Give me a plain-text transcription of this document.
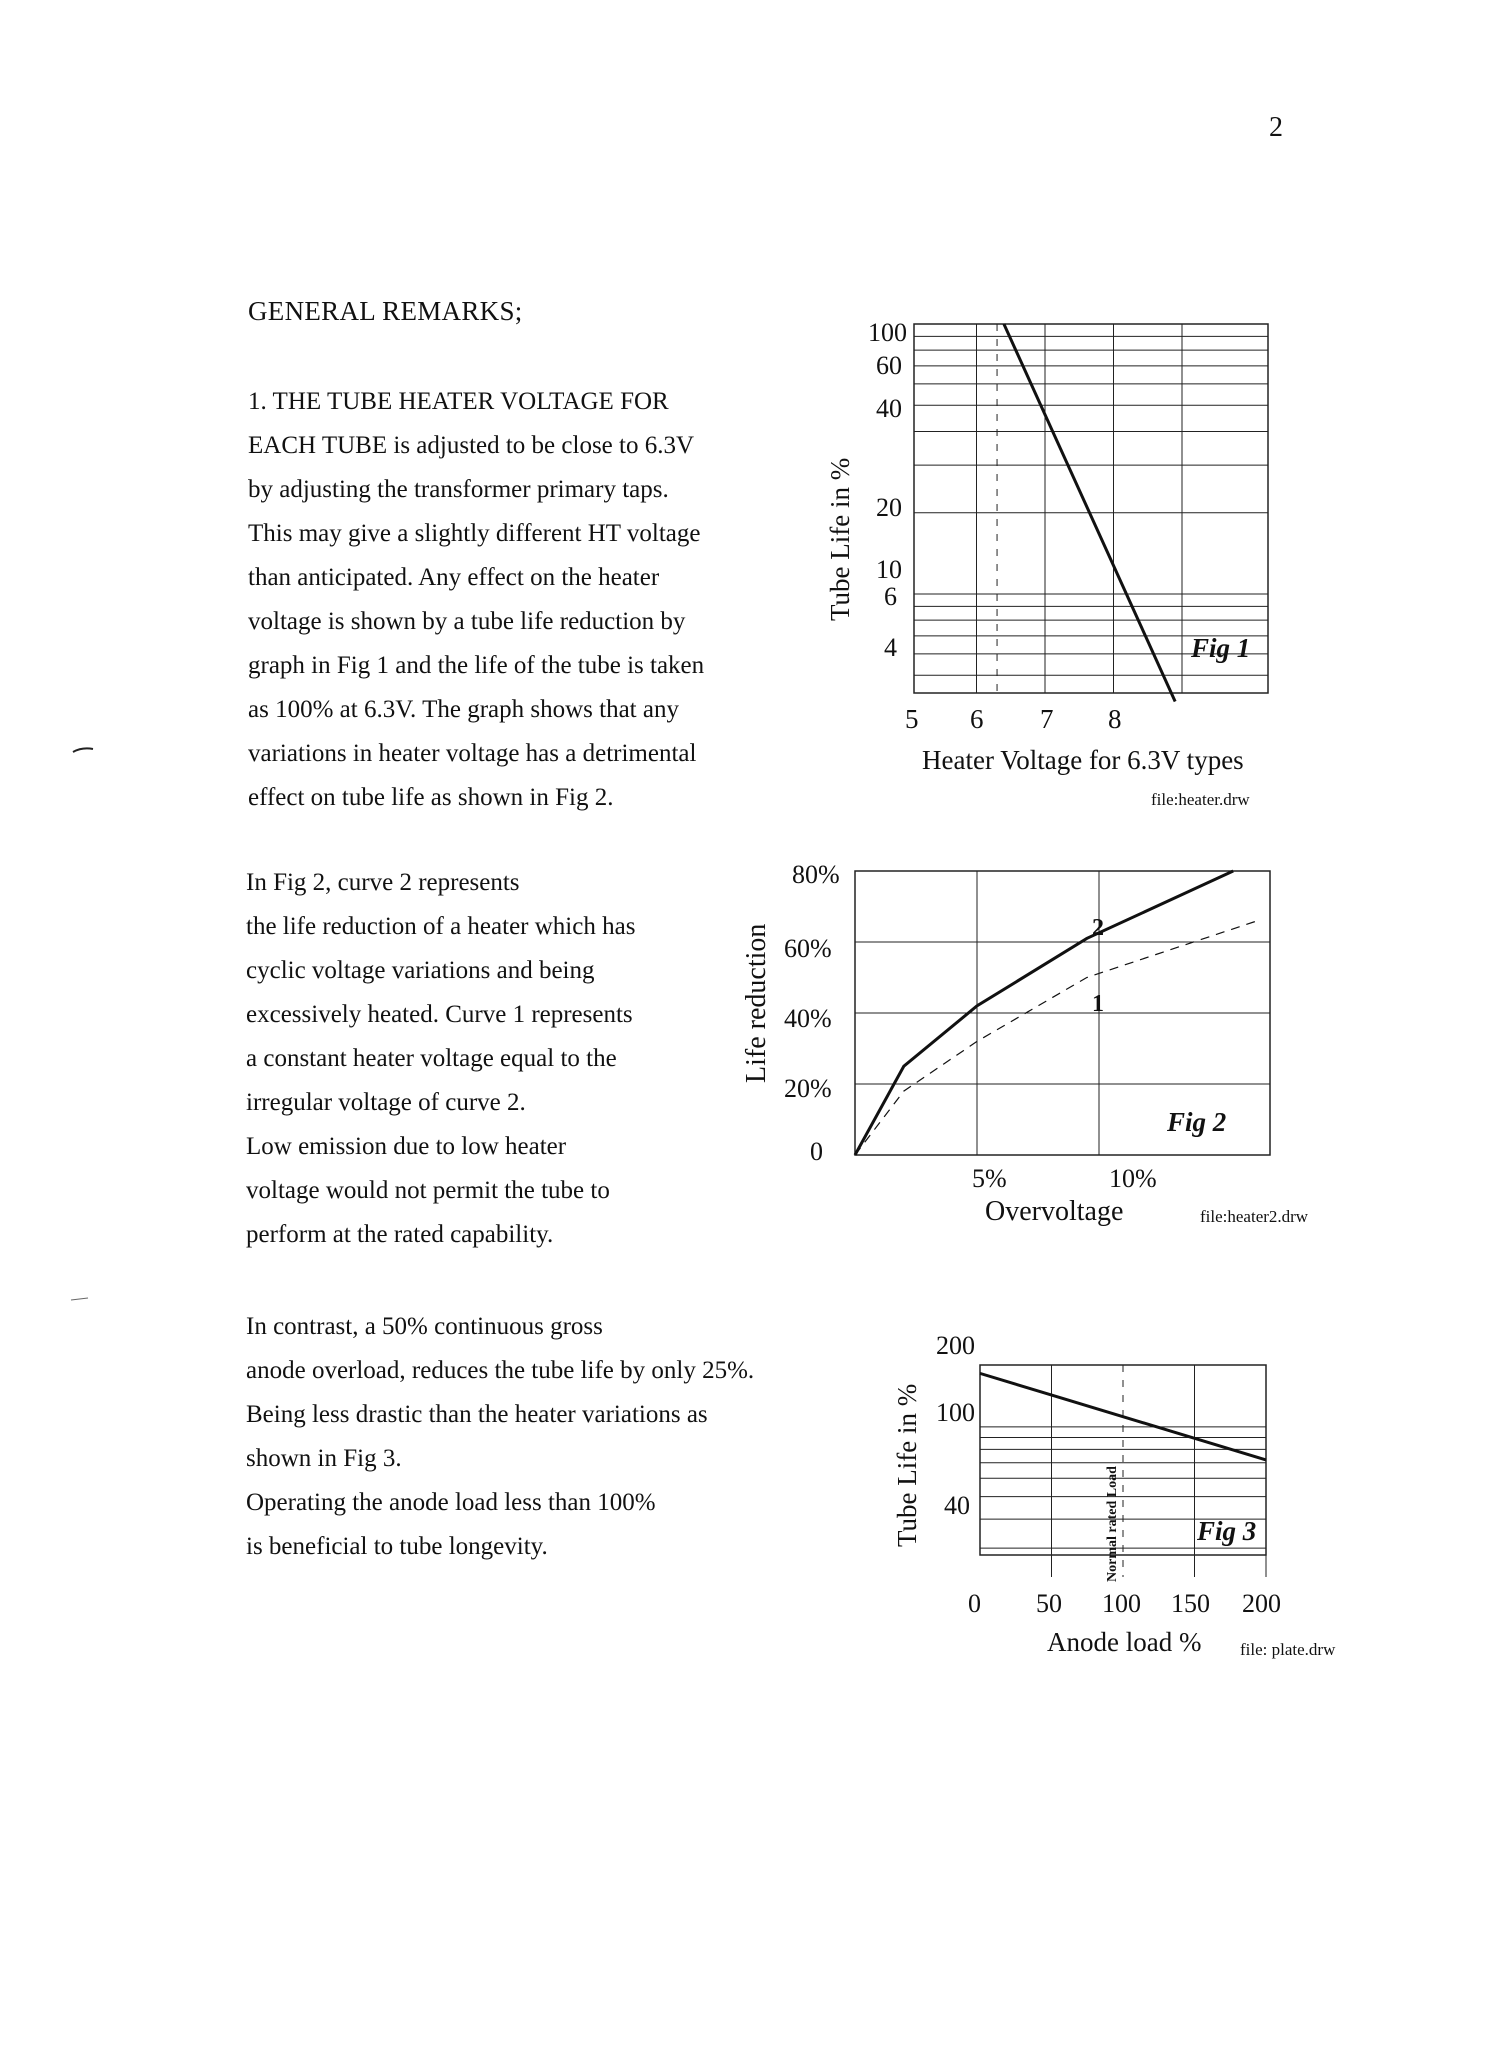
2
GENERAL REMARKS;
1. THE TUBE HEATER VOLTAGE FOR
EACH TUBE is adjusted to be close to 6.3V
by adjusting the transformer primary taps.
This may give a slightly different HT voltage
than anticipated. Any effect on the heater
voltage is shown by a tube life reduction by
graph in Fig 1 and the life of the tube is taken
as 100% at 6.3V. The graph shows that any
variations in heater voltage has a detrimental
effect on tube life as shown in Fig 2.
In Fig 2, curve 2 represents
the life reduction of a heater which has
cyclic voltage variations and being
excessively heated. Curve 1 represents
a constant heater voltage equal to the
irregular voltage of curve 2.
Low emission due to low heater
voltage would not permit the tube to
perform at the rated capability.
In contrast, a 50% continuous gross
anode overload, reduces the tube life by only 25%.
Being less drastic than the heater variations as
shown in Fig 3.
Operating the anode load less than 100%
is beneficial to tube longevity.
100
60
40
20
10
6
4
5 6 7 8
Tube Life in %
Heater Voltage for 6.3V types
file:heater.drw
Fig 1
80%
60%
40%
20%
0
5%	10%
Life reduction
Overvoltage	file:heater2.drw
2
1
Fig 2
200
100
40
0 50 100 150 200
Tube Life in %
Anode load % file: plate.drw
Normal rated Load	Fig 3
